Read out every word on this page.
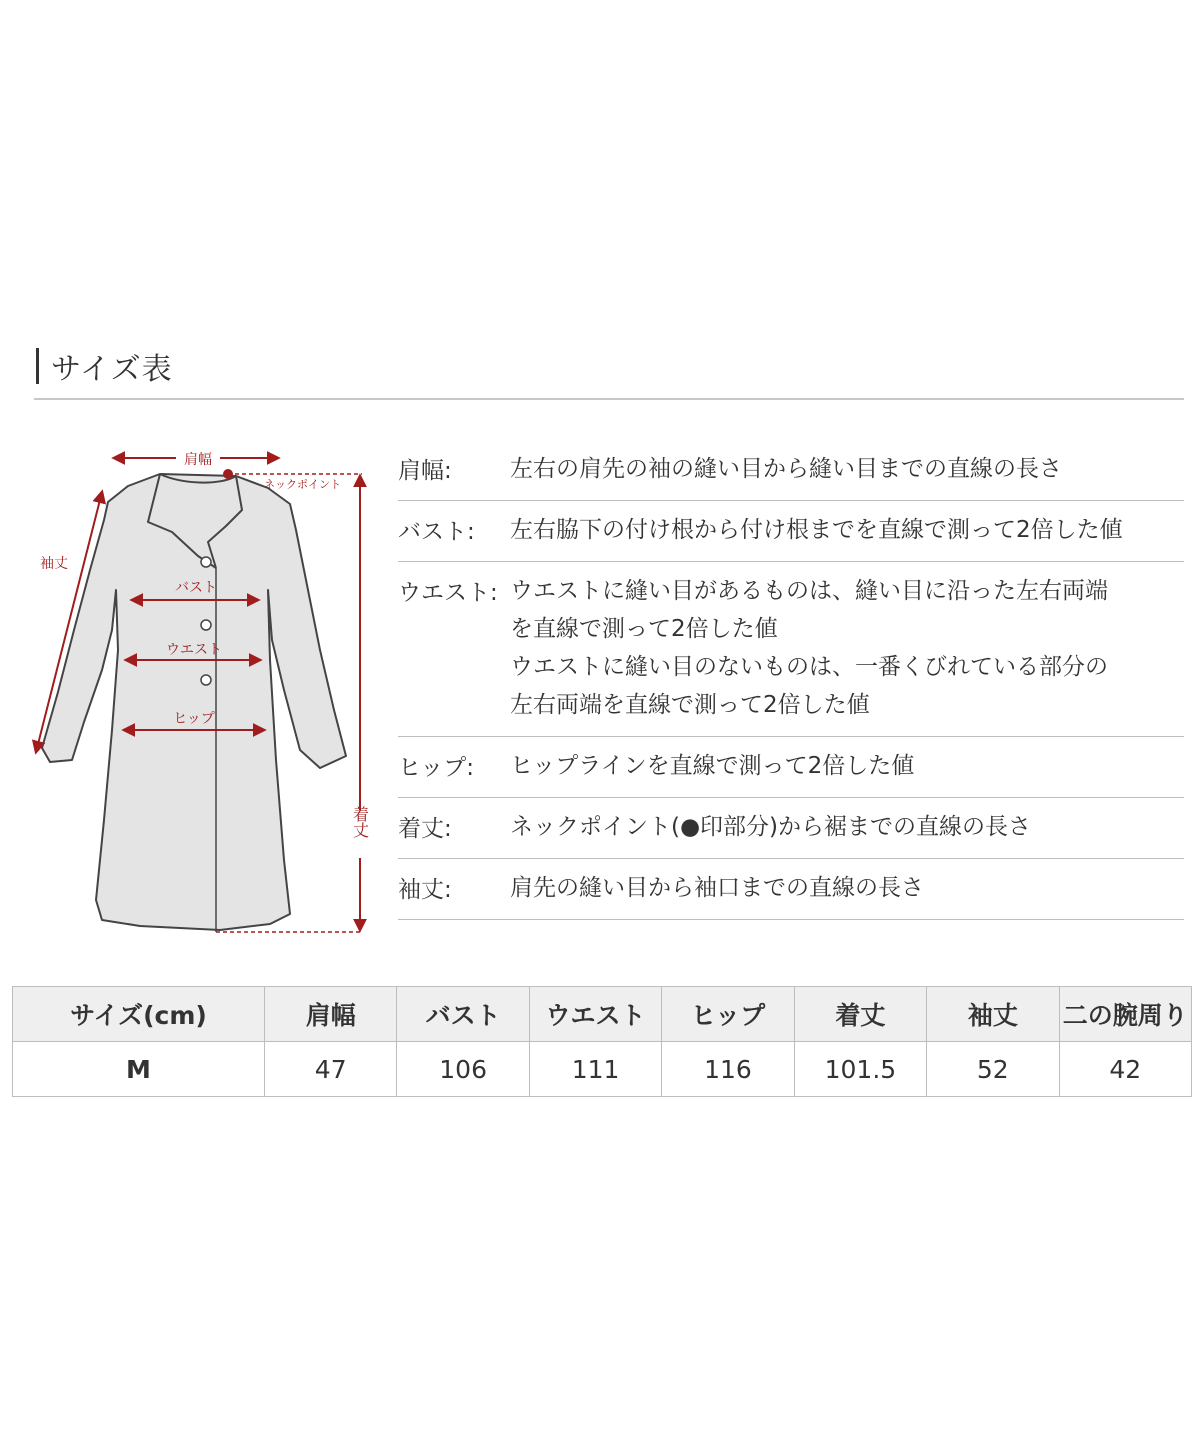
サイズ表
肩幅
ネックポイント
着丈
袖丈
バスト
ウエスト
ヒップ
肩幅:	左右の肩先の袖の縫い目から縫い目までの直線の長さ
バスト:	左右脇下の付け根から付け根までを直線で測って2倍した値
ウエスト: ウエストに縫い目があるものは、縫い目に沿った左右両端
を直線で測って2倍した値
ウエストに縫い目のないものは、一番くびれている部分の
左右両端を直線で測って2倍した値
ヒップ:	ヒップラインを直線で測って2倍した値
着丈:	ネックポイント(●印部分)から裾までの直線の長さ
袖丈:	肩先の縫い目から袖口までの直線の長さ
サイズ(cm)	肩幅	バスト	ウエスト	ヒップ	着丈	袖丈	二の腕周り
M	47	106	111	116	101.5	52	42
